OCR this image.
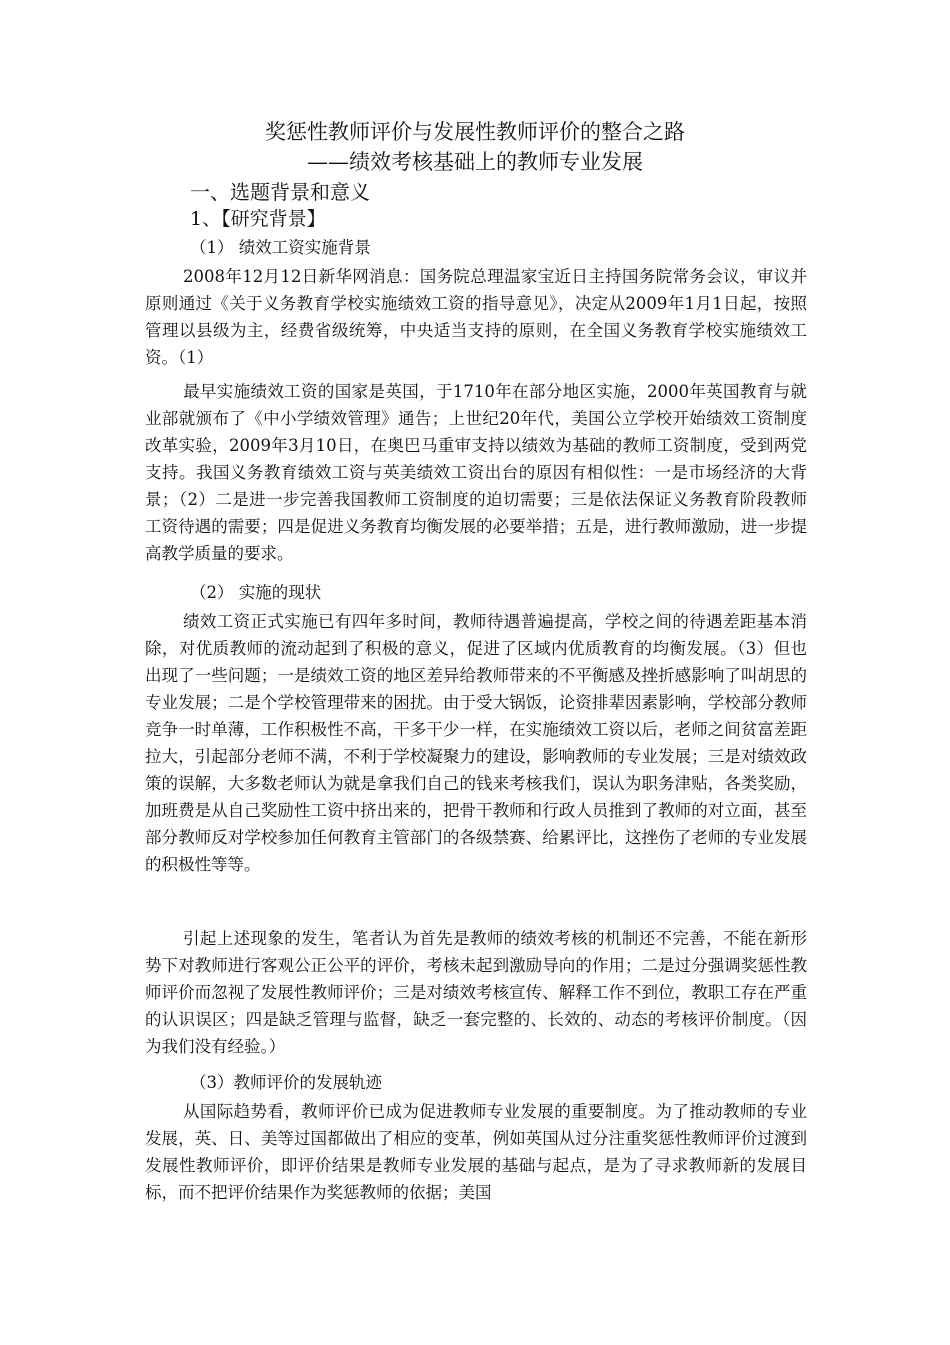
奖惩性教师评价与发展性教师评价的整合之路
——绩效考核基础上的教师专业发展
一、选题背景和意义
1、【研究背景】
（1） 绩效工资实施背景

2008年12月12日新华网消息：国务院总理温家宝近日主持国务院常务会议，审议并原则通过《关于义务教育学校实施绩效工资的指导意见》，决定从2009年1月1日起，按照管理以县级为主，经费省级统筹，中央适当支持的原则，在全国义务教育学校实施绩效工资。（1）

最早实施绩效工资的国家是英国，于1710年在部分地区实施，2000年英国教育与就业部就颁布了《中小学绩效管理》通告；上世纪20年代，美国公立学校开始绩效工资制度改革实验，2009年3月10日，在奥巴马重审支持以绩效为基础的教师工资制度，受到两党支持。我国义务教育绩效工资与英美绩效工资出台的原因有相似性：一是市场经济的大背景；（2）二是进一步完善我国教师工资制度的迫切需要；三是依法保证义务教育阶段教师工资待遇的需要；四是促进义务教育均衡发展的必要举措；五是，进行教师激励，进一步提高教学质量的要求。

（2） 实施的现状

绩效工资正式实施已有四年多时间，教师待遇普遍提高，学校之间的待遇差距基本消除，对优质教师的流动起到了积极的意义，促进了区域内优质教育的均衡发展。（3）但也出现了一些问题；一是绩效工资的地区差异给教师带来的不平衡感及挫折感影响了叫胡思的专业发展；二是个学校管理带来的困扰。由于受大锅饭，论资排辈因素影响，学校部分教师竞争一时单薄，工作积极性不高，干多干少一样，在实施绩效工资以后，老师之间贫富差距拉大，引起部分老师不满，不利于学校凝聚力的建设，影响教师的专业发展；三是对绩效政策的误解，大多数老师认为就是拿我们自己的钱来考核我们，误认为职务津贴，各类奖励，加班费是从自己奖励性工资中挤出来的，把骨干教师和行政人员推到了教师的对立面，甚至部分教师反对学校参加任何教育主管部门的各级禁赛、给累评比，这挫伤了老师的专业发展的积极性等等。

引起上述现象的发生，笔者认为首先是教师的绩效考核的机制还不完善，不能在新形势下对教师进行客观公正公平的评价，考核未起到激励导向的作用；二是过分强调奖惩性教师评价而忽视了发展性教师评价；三是对绩效考核宣传、解释工作不到位，教职工存在严重的认识误区；四是缺乏管理与监督，缺乏一套完整的、长效的、动态的考核评价制度。（因为我们没有经验。）

（3）教师评价的发展轨迹

从国际趋势看，教师评价已成为促进教师专业发展的重要制度。为了推动教师的专业发展，英、日、美等过国都做出了相应的变革，例如英国从过分注重奖惩性教师评价过渡到发展性教师评价，即评价结果是教师专业发展的基础与起点，是为了寻求教师新的发展目标，而不把评价结果作为奖惩教师的依据；美国
